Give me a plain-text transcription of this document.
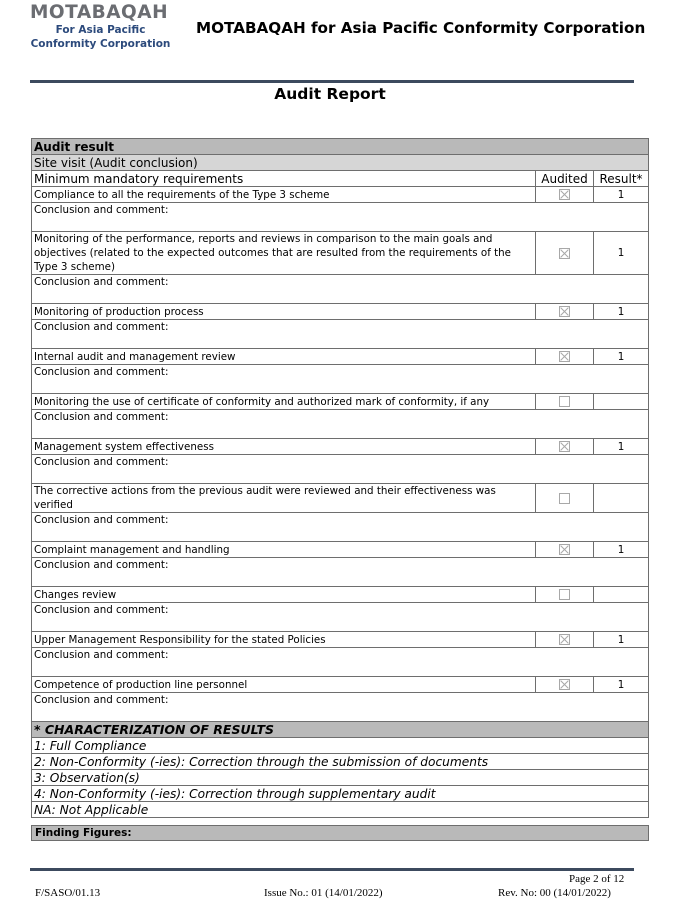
MOTABAQAH
For Asia Pacific
Conformity Corporation
MOTABAQAH for Asia Pacific Conformity Corporation
Audit Report
Audit result		
Site visit (Audit conclusion)		
Minimum mandatory requirements	Audited	Result*
Compliance to all the requirements of the Type 3 scheme		1
Conclusion and comment:		
Monitoring of the performance, reports and reviews in comparison to the main goals and objectives (related to the expected outcomes that are resulted from the requirements of the Type 3 scheme)		1
Conclusion and comment:		
Monitoring of production process		1
Conclusion and comment:		
Internal audit and management review		1
Conclusion and comment:		
Monitoring the use of certificate of conformity and authorized mark of conformity, if any		
Conclusion and comment:		
Management system effectiveness		1
Conclusion and comment:		
The corrective actions from the previous audit were reviewed and their effectiveness was verified		
Conclusion and comment:		
Complaint management and handling		1
Conclusion and comment:		
Changes review		
Conclusion and comment:		
Upper Management Responsibility for the stated Policies		1
Conclusion and comment:		
Competence of production line personnel		1
Conclusion and comment:		
* CHARACTERIZATION OF RESULTS		
1: Full Compliance		
2: Non-Conformity (-ies): Correction through the submission of documents		
3: Observation(s)		
4: Non-Conformity (-ies): Correction through supplementary audit		
NA: Not Applicable		
Finding Figures:
Page 2 of 12
F/SASO/01.13	Issue No.: 01 (14/01/2022)	Rev. No: 00 (14/01/2022)
